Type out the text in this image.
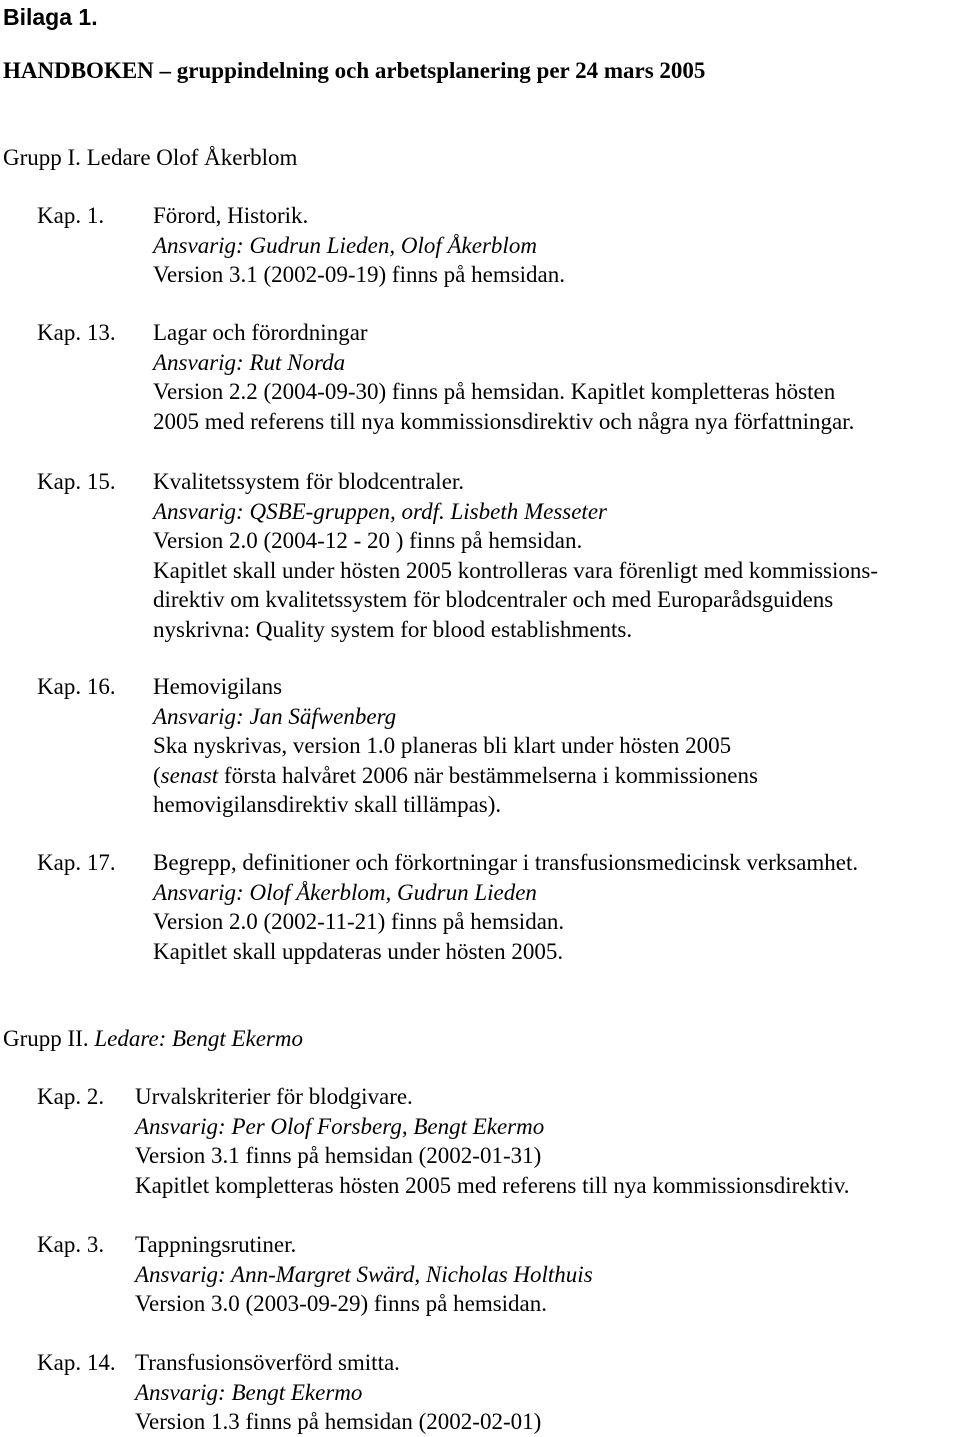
Bilaga 1.
HANDBOKEN – gruppindelning och arbetsplanering per 24 mars 2005
Grupp I. Ledare Olof Åkerblom
Kap. 1. Förord, Historik.
Ansvarig: Gudrun Lieden, Olof Åkerblom
Version 3.1 (2002-09-19) finns på hemsidan.
Kap. 13. Lagar och förordningar
Ansvarig: Rut Norda
Version 2.2 (2004-09-30) finns på hemsidan. Kapitlet kompletteras hösten
2005 med referens till nya kommissionsdirektiv och några nya författningar.
Kap. 15. Kvalitetssystem för blodcentraler.
Ansvarig: QSBE-gruppen, ordf. Lisbeth Messeter
Version 2.0 (2004-12 - 20 ) finns på hemsidan.
Kapitlet skall under hösten 2005 kontrolleras vara förenligt med kommissions-
direktiv om kvalitetssystem för blodcentraler och med Europarådsguidens
nyskrivna: Quality system for blood establishments.
Kap. 16. Hemovigilans
Ansvarig: Jan Säfwenberg
Ska nyskrivas, version 1.0 planeras bli klart under hösten 2005
(senast första halvåret 2006 när bestämmelserna i kommissionens
hemovigilansdirektiv skall tillämpas).
Kap. 17. Begrepp, definitioner och förkortningar i transfusionsmedicinsk verksamhet.
Ansvarig: Olof Åkerblom, Gudrun Lieden
Version 2.0 (2002-11-21) finns på hemsidan.
Kapitlet skall uppdateras under hösten 2005.
Grupp II. Ledare: Bengt Ekermo
Kap. 2. Urvalskriterier för blodgivare.
Ansvarig: Per Olof Forsberg, Bengt Ekermo
Version 3.1 finns på hemsidan (2002-01-31)
Kapitlet kompletteras hösten 2005 med referens till nya kommissionsdirektiv.
Kap. 3. Tappningsrutiner.
Ansvarig: Ann-Margret Swärd, Nicholas Holthuis
Version 3.0 (2003-09-29) finns på hemsidan.
Kap. 14. Transfusionsöverförd smitta.
Ansvarig: Bengt Ekermo
Version 1.3 finns på hemsidan (2002-02-01)
